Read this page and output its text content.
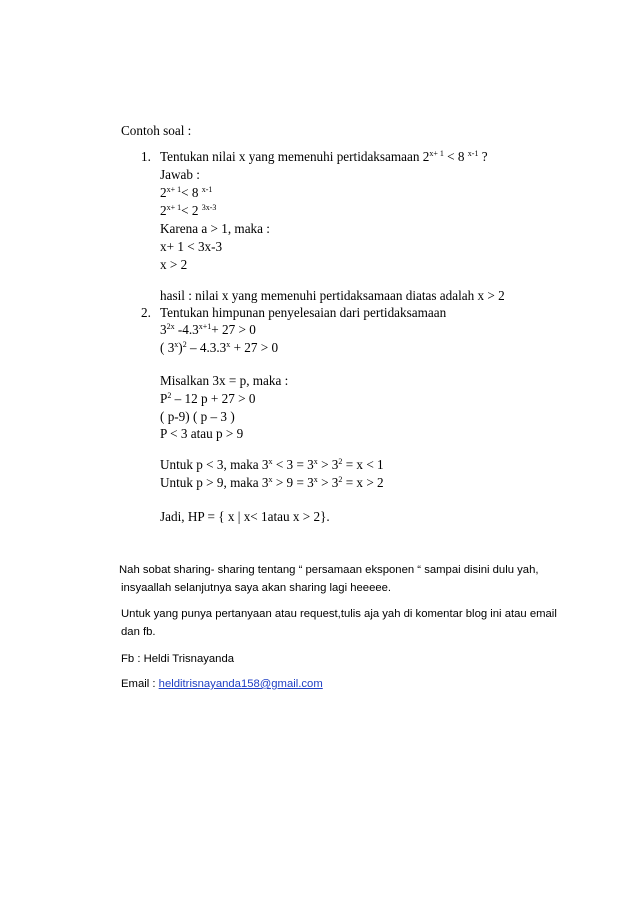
Contoh soal :
1. Tentukan nilai x yang memenuhi pertidaksamaan $2^{x+ 1} < 8$ $^{x-1}$ ?
Jawab :
$2^{x+ 1}< 8$ $^{x-1}$
$2^{x+ 1}< 2$ $^{3x-3}$
Karena a > 1, maka :
x+ 1 < 3x-3
x > 2
hasil : nilai x yang memenuhi pertidaksamaan diatas adalah x > 2
2. Tentukan himpunan penyelesaian dari pertidaksamaan
$3^{2x}$ $-4.3^{x+1}+ 27 > 0$
( $3^x)^2 - 4.3.3^x + 27 > 0$
Misalkan 3x = p, maka :
$P^2 - 12$ p + 27 > 0
( p-9) ( p – 3 )
P < 3 atau p > 9
Untuk p < 3, maka $3^x < 3 = 3^x > 3^2 = x < 1$
Untuk p > 9, maka $3^x > 9 = 3^x > 3^2 = x > 2$
Jadi, HP = { x | x< 1atau x > 2}.
Nah sobat sharing- sharing tentang “ persamaan eksponen “ sampai disini dulu yah,
insyaallah selanjutnya saya akan sharing lagi heeeee.
Untuk yang punya pertanyaan atau request,tulis aja yah di komentar blog ini atau email
dan fb.
Fb : Heldi Trisnayanda
Email : helditrisnayanda158@gmail.com
